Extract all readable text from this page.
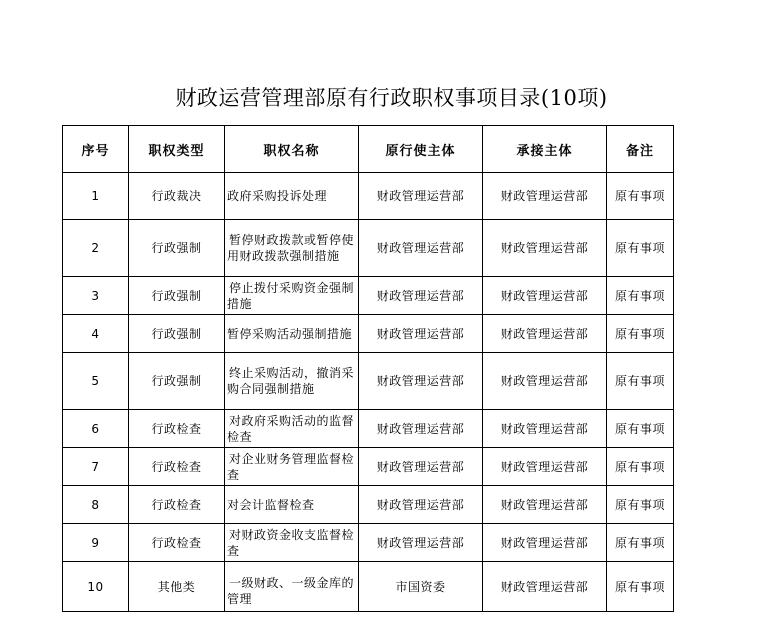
财政运营管理部原有行政职权事项目录(10项)
序号	职权类型	职权名称	原行使主体	承接主体	备注
1	行政裁决	政府采购投诉处理	财政管理运营部	财政管理运营部	原有事项
2	行政强制	暂停财政拨款或暂停使用财政拨款强制措施	财政管理运营部	财政管理运营部	原有事项
3	行政强制	停止拨付采购资金强制措施	财政管理运营部	财政管理运营部	原有事项
4	行政强制	暂停采购活动强制措施	财政管理运营部	财政管理运营部	原有事项
5	行政强制	终止采购活动，撤消采购合同强制措施	财政管理运营部	财政管理运营部	原有事项
6	行政检查	对政府采购活动的监督检查	财政管理运营部	财政管理运营部	原有事项
7	行政检查	对企业财务管理监督检查	财政管理运营部	财政管理运营部	原有事项
8	行政检查	对会计监督检查	财政管理运营部	财政管理运营部	原有事项
9	行政检查	对财政资金收支监督检查	财政管理运营部	财政管理运营部	原有事项
10	其他类	一级财政、一级金库的管理	市国资委	财政管理运营部	原有事项
